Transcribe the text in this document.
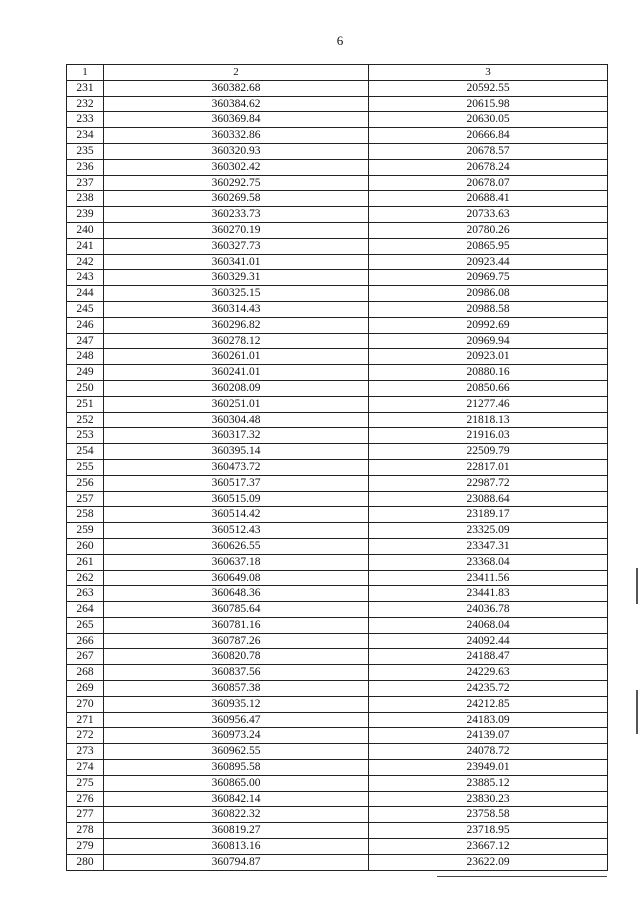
6
1	2	3
231	360382.68	20592.55
232	360384.62	20615.98
233	360369.84	20630.05
234	360332.86	20666.84
235	360320.93	20678.57
236	360302.42	20678.24
237	360292.75	20678.07
238	360269.58	20688.41
239	360233.73	20733.63
240	360270.19	20780.26
241	360327.73	20865.95
242	360341.01	20923.44
243	360329.31	20969.75
244	360325.15	20986.08
245	360314.43	20988.58
246	360296.82	20992.69
247	360278.12	20969.94
248	360261.01	20923.01
249	360241.01	20880.16
250	360208.09	20850.66
251	360251.01	21277.46
252	360304.48	21818.13
253	360317.32	21916.03
254	360395.14	22509.79
255	360473.72	22817.01
256	360517.37	22987.72
257	360515.09	23088.64
258	360514.42	23189.17
259	360512.43	23325.09
260	360626.55	23347.31
261	360637.18	23368.04
262	360649.08	23411.56
263	360648.36	23441.83
264	360785.64	24036.78
265	360781.16	24068.04
266	360787.26	24092.44
267	360820.78	24188.47
268	360837.56	24229.63
269	360857.38	24235.72
270	360935.12	24212.85
271	360956.47	24183.09
272	360973.24	24139.07
273	360962.55	24078.72
274	360895.58	23949.01
275	360865.00	23885.12
276	360842.14	23830.23
277	360822.32	23758.58
278	360819.27	23718.95
279	360813.16	23667.12
280	360794.87	23622.09
